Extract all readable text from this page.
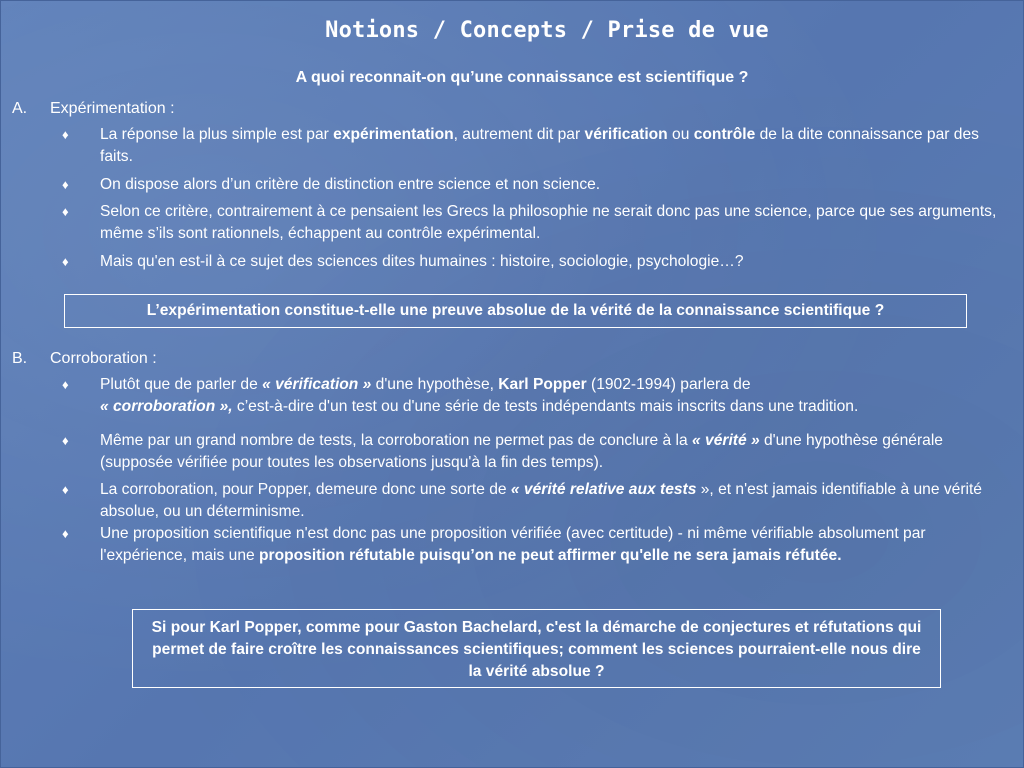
Notions / Concepts / Prise de vue
A quoi reconnait-on qu’une connaissance est scientifique ?
A. Expérimentation :
♦ La réponse la plus simple est par expérimentation, autrement dit par vérification ou contrôle de la dite connaissance par des faits.
♦ On dispose alors d’un critère de distinction entre science et non science.
♦ Selon ce critère, contrairement à ce pensaient les Grecs la philosophie ne serait donc pas une science, parce que ses arguments, même s’ils sont rationnels, échappent au contrôle expérimental.
♦ Mais qu'en est-il à ce sujet des sciences dites humaines : histoire, sociologie, psychologie…?
L’expérimentation constitue-t-elle une preuve absolue de la vérité de la connaissance scientifique ?
B. Corroboration :
♦ Plutôt que de parler de « vérification » d'une hypothèse, Karl Popper (1902-1994) parlera de
« corroboration », c’est-à-dire d'un test ou d'une série de tests indépendants mais inscrits dans une tradition.
♦ Même par un grand nombre de tests, la corroboration ne permet pas de conclure à la « vérité » d'une hypothèse générale (supposée vérifiée pour toutes les observations jusqu'à la fin des temps).
♦ La corroboration, pour Popper, demeure donc une sorte de « vérité relative aux tests », et n'est jamais identifiable à une vérité absolue, ou un déterminisme.
♦ Une proposition scientifique n'est donc pas une proposition vérifiée (avec certitude) - ni même vérifiable absolument par l'expérience, mais une proposition réfutable puisqu’on ne peut affirmer qu'elle ne sera jamais réfutée.
Si pour Karl Popper, comme pour Gaston Bachelard, c'est la démarche de conjectures et réfutations qui permet de faire croître les connaissances scientifiques; comment les sciences pourraient-elle nous dire la vérité absolue ?
